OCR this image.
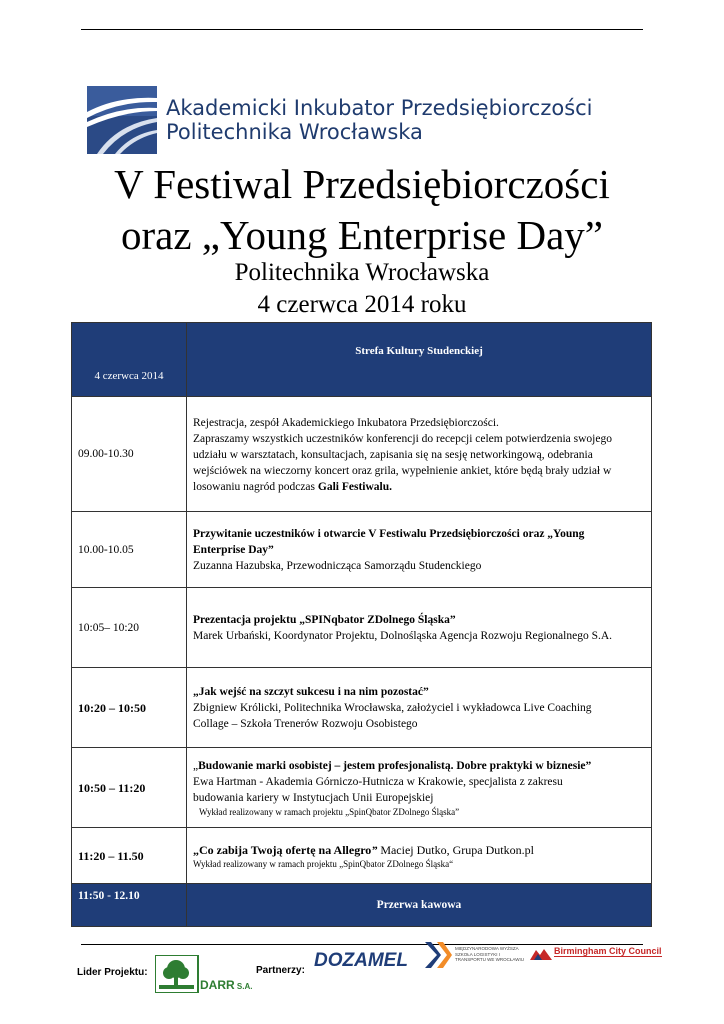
Akademicki Inkubator Przedsiębiorczości
Politechnika Wrocławska
V Festiwal Przedsiębiorczości
oraz „Young Enterprise Day”
Politechnika Wrocławska
4 czerwca 2014 roku
4 czerwca 2014	Strefa Kultury Studenckiej
09.00-10.30	Rejestracja, zespół Akademickiego Inkubatora Przedsiębiorczości.
Zapraszamy wszystkich uczestników konferencji do recepcji celem potwierdzenia swojego
udziału w warsztatach, konsultacjach, zapisania się na sesję networkingową, odebrania
wejściówek na wieczorny koncert oraz grila, wypełnienie ankiet, które będą brały udział w
losowaniu nagród podczas Gali Festiwalu.

10.00-10.05	Przywitanie uczestników i otwarcie V Festiwalu Przedsiębiorczości oraz „Young
Enterprise Day”
Zuzanna Hazubska, Przewodnicząca Samorządu Studenckiego

10:05– 10:20	Prezentacja projektu „SPINqbator ZDolnego Śląska”
Marek Urbański, Koordynator Projektu, Dolnośląska Agencja Rozwoju Regionalnego S.A.

10:20 – 10:50	„Jak wejść na szczyt sukcesu i na nim pozostać”
Zbigniew Królicki, Politechnika Wrocławska, założyciel i wykładowca Live Coaching
Collage – Szkoła Trenerów Rozwoju Osobistego

10:50 – 11:20	„Budowanie marki osobistej – jestem profesjonalistą. Dobre praktyki w biznesie”
Ewa Hartman - Akademia Górniczo-Hutnicza w Krakowie, specjalista z zakresu
budowania kariery w Instytucjach Unii Europejskiej
Wykład realizowany w ramach projektu „SpinQbator ZDolnego Śląska”

11:20 – 11.50	„Co zabija Twoją ofertę na Allegro” Maciej Dutko, Grupa Dutkon.pl
Wykład realizowany w ramach projektu „SpinQbator ZDolnego Śląska“

11:50 - 12.10	Przerwa kawowa
Lider Projektu:
DARR S.A.
Partnerzy: DOZAMEL
MIĘDZYNARODOWA WYŻSZA SZKOŁA LOGISTYKI I TRANSPORTU WE WROCŁAWIU
Birmingham City Council
